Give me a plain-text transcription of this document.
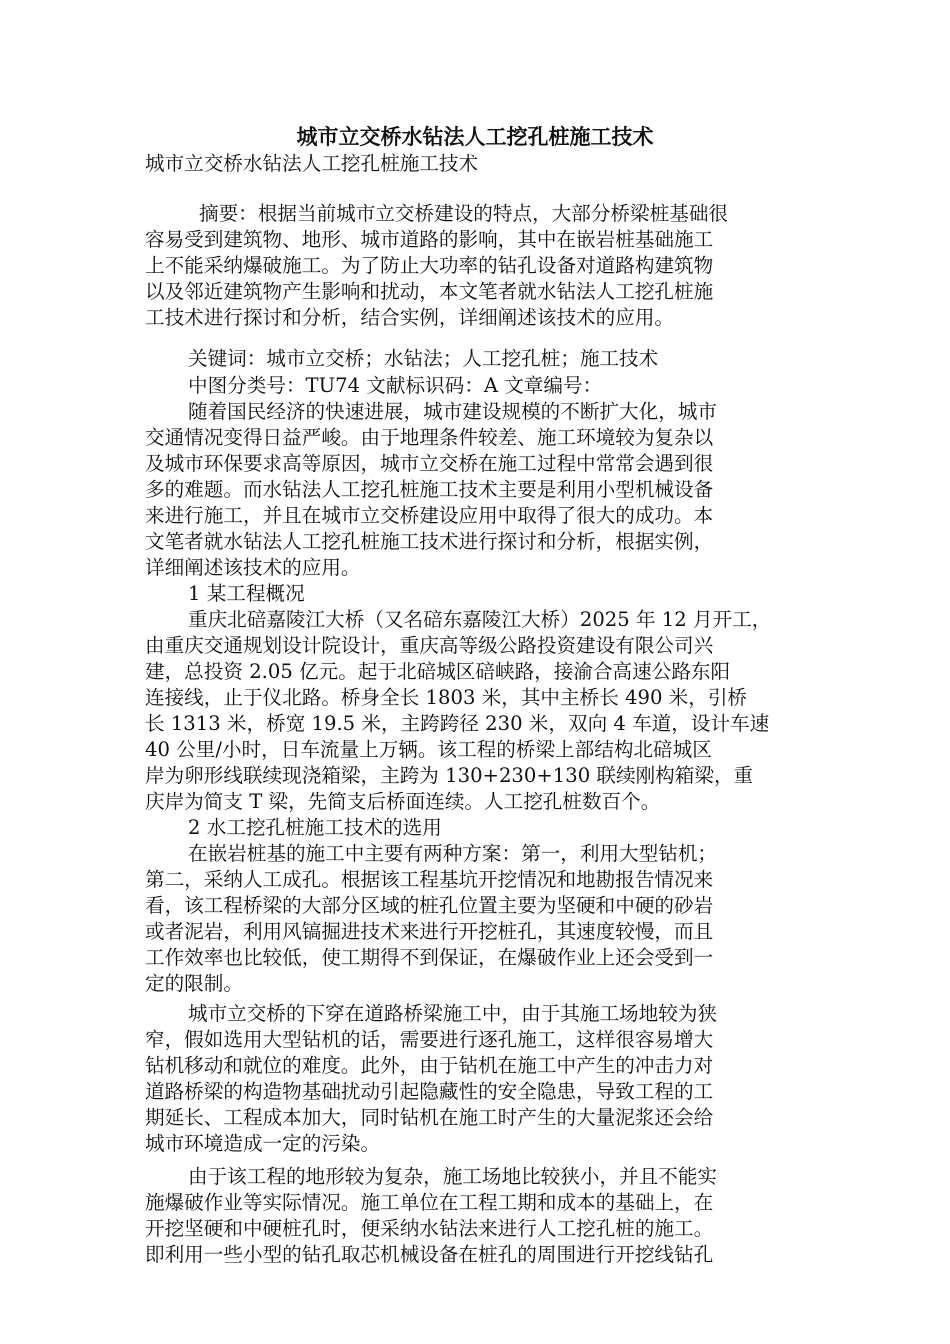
城市立交桥水钻法人工挖孔桩施工技术
城市立交桥水钻法人工挖孔桩施工技术
摘要：根据当前城市立交桥建设的特点，大部分桥梁桩基础很
容易受到建筑物、地形、城市道路的影响，其中在嵌岩桩基础施工
上不能采纳爆破施工。为了防止大功率的钻孔设备对道路构建筑物
以及邻近建筑物产生影响和扰动，本文笔者就水钻法人工挖孔桩施
工技术进行探讨和分析，结合实例，详细阐述该技术的应用。
关键词：城市立交桥；水钻法；人工挖孔桩；施工技术
中图分类号：TU74 文献标识码：A 文章编号：
随着国民经济的快速进展，城市建设规模的不断扩大化，城市
交通情况变得日益严峻。由于地理条件较差、施工环境较为复杂以
及城市环保要求高等原因，城市立交桥在施工过程中常常会遇到很
多的难题。而水钻法人工挖孔桩施工技术主要是利用小型机械设备
来进行施工，并且在城市立交桥建设应用中取得了很大的成功。本
文笔者就水钻法人工挖孔桩施工技术进行探讨和分析，根据实例，
详细阐述该技术的应用。
1 某工程概况
重庆北碚嘉陵江大桥（又名碚东嘉陵江大桥）2025 年 12 月开工，
由重庆交通规划设计院设计，重庆高等级公路投资建设有限公司兴
建，总投资 2.05 亿元。起于北碚城区碚峡路，接渝合高速公路东阳
连接线，止于仪北路。桥身全长 1803 米，其中主桥长 490 米，引桥
长 1313 米，桥宽 19.5 米，主跨跨径 230 米，双向 4 车道，设计车速
40 公里/小时，日车流量上万辆。该工程的桥梁上部结构北碚城区
岸为卵形线联续现浇箱梁，主跨为 130+230+130 联续刚构箱梁，重
庆岸为简支 T 梁，先简支后桥面连续。人工挖孔桩数百个。
2 水工挖孔桩施工技术的选用
在嵌岩桩基的施工中主要有两种方案：第一，利用大型钻机；
第二，采纳人工成孔。根据该工程基坑开挖情况和地勘报告情况来
看，该工程桥梁的大部分区域的桩孔位置主要为坚硬和中硬的砂岩
或者泥岩，利用风镐掘进技术来进行开挖桩孔，其速度较慢，而且
工作效率也比较低，使工期得不到保证，在爆破作业上还会受到一
定的限制。
城市立交桥的下穿在道路桥梁施工中，由于其施工场地较为狭
窄，假如选用大型钻机的话，需要进行逐孔施工，这样很容易增大
钻机移动和就位的难度。此外，由于钻机在施工中产生的冲击力对
道路桥梁的构造物基础扰动引起隐藏性的安全隐患，导致工程的工
期延长、工程成本加大，同时钻机在施工时产生的大量泥浆还会给
城市环境造成一定的污染。
由于该工程的地形较为复杂，施工场地比较狭小，并且不能实
施爆破作业等实际情况。施工单位在工程工期和成本的基础上，在
开挖坚硬和中硬桩孔时，便采纳水钻法来进行人工挖孔桩的施工。
即利用一些小型的钻孔取芯机械设备在桩孔的周围进行开挖线钻孔
